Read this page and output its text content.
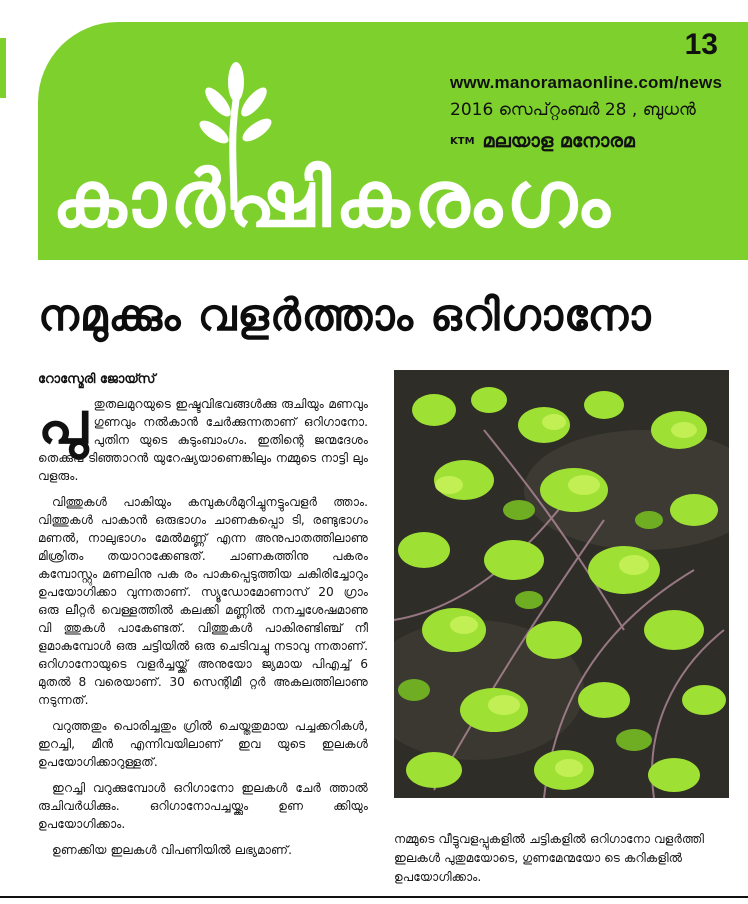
13
www.manoramaonline.com/news
2016 സെപ്റ്റംബർ 28 , ബുധൻ
KTM മലയാള മനോരമ
കാർഷികരംഗം
നമുക്കും വളർത്താം ഒറിഗാനോ
റോസ്മേരി ജോയ്സ്

പുതുതലമുറയുടെ ഇഷ്ടവിഭവങ്ങൾക്കു രുചിയും മണവും ഗുണവും നൽകാൻ ചേർക്കുന്നതാണ് ഒറിഗാനോ. പുതിന യുടെ കുടുംബാംഗം. ഇതിന്റെ ജന്മദേശം തെക്കുപ ടിഞ്ഞാറൻ യുറേഷ്യയാണെങ്കിലും നമ്മുടെ നാട്ടി ലും വളരും.

വിത്തുകൾ പാകിയും കമ്പുകൾമുറിച്ചുനട്ടുംവളർ ത്താം. വിത്തുകൾ പാകാൻ ഒരുഭാഗം ചാണകപ്പൊ ടി, രണ്ടുഭാഗം മണൽ, നാലുഭാഗം മേൽമണ്ണ് എന്ന അനുപാതത്തിലാണു മിശ്രിതം തയാറാക്കേണ്ടത്. ചാണകത്തിനു പകരം കമ്പോസ്റ്റും മണലിനു പക രം പാകപ്പെടുത്തിയ ചകിരിച്ചോറും ഉപയോഗിക്കാ വുന്നതാണ്. സ്യൂഡോമോണാസ് 20 ഗ്രാം ഒരു ലീറ്റർ വെള്ളത്തിൽ കലക്കി മണ്ണിൽ നനച്ചശേഷമാണു വി ത്തുകൾ പാകേണ്ടത്. വിത്തുകൾ പാകിരണ്ടിഞ്ച് നീ ളമാകുമ്പോൾ ഒരു ചട്ടിയിൽ ഒരു ചെടിവച്ചു നടാവു ന്നതാണ്. ഒറിഗാനോയുടെ വളർച്ചയ്ക്ക് അനുയോ ജ്യമായ പിഎച്ച് 6 മുതൽ 8 വരെയാണ്. 30 സെന്റിമീ റ്റർ അകലത്തിലാണു നടുന്നത്.

വറുത്തതും പൊരിച്ചതും ഗ്രിൽ ചെയ്തതുമായ പച്ചക്കറികൾ, ഇറച്ചി, മീൻ എന്നിവയിലാണ് ഇവ യുടെ ഇലകൾ ഉപയോഗിക്കാറുള്ളത്.

ഇറച്ചി വറുക്കുമ്പോൾ ഒറിഗാനോ ഇലകൾ ചേർ ത്താൽ രുചിവർധിക്കും. ഒറിഗാനോപച്ചയ്ക്കും ഉണ ക്കിയും ഉപയോഗിക്കാം.

ഉണക്കിയ ഇലകൾ വിപണിയിൽ ലഭ്യമാണ്.

നമ്മുടെ വീട്ടുവളപ്പുകളിൽ ചട്ടികളിൽ ഒറിഗാനോ വളർത്തി ഇലകൾ പുതുമയോടെ, ഗുണമേന്മയോ ടെ കറികളിൽ ഉപയോഗിക്കാം.
